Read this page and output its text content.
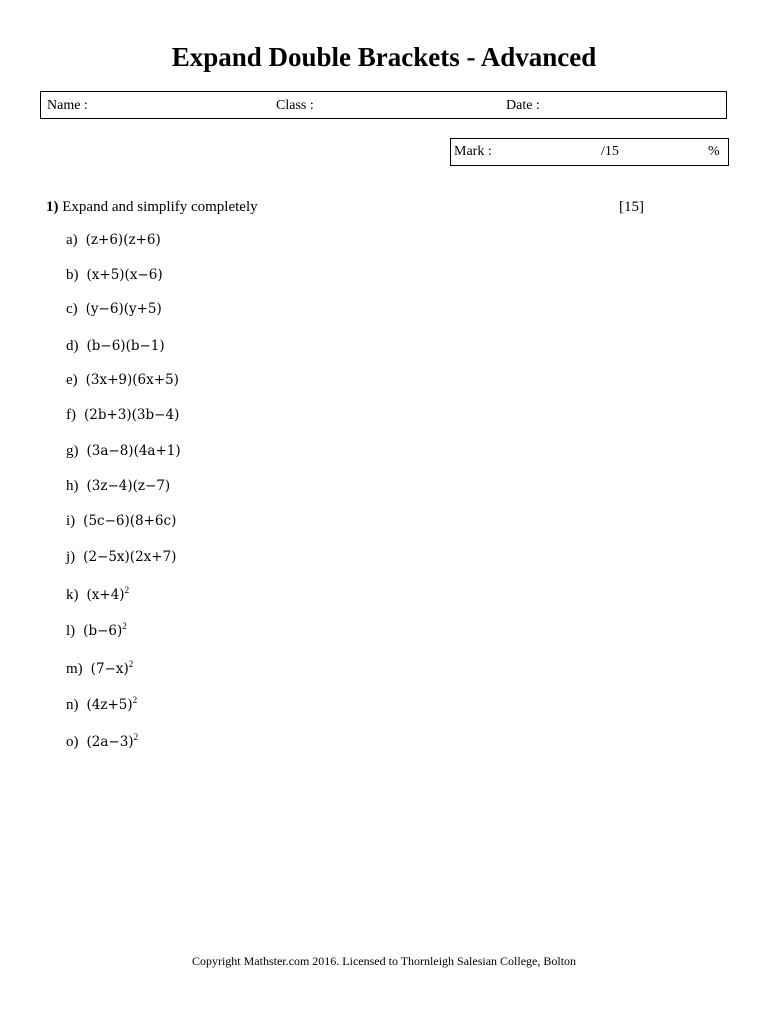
Expand Double Brackets - Advanced
Name :	Class :	Date :
Mark :	/15	%
1) Expand and simplify completely	[15]
a) (z+6)(z+6)
b) (x+5)(x−6)
c) (y−6)(y+5)
d) (b−6)(b−1)
e) (3x+9)(6x+5)
f) (2b+3)(3b−4)
g) (3a−8)(4a+1)
h) (3z−4)(z−7)
i) (5c−6)(8+6c)
j) (2−5x)(2x+7)
k) $(x+4)^2$
l) $(b-6)^2$
m) $(7-x)^2$
n) $(4z+5)^2$
o) $(2a-3)^2$
Copyright Mathster.com 2016. Licensed to Thornleigh Salesian College, Bolton
